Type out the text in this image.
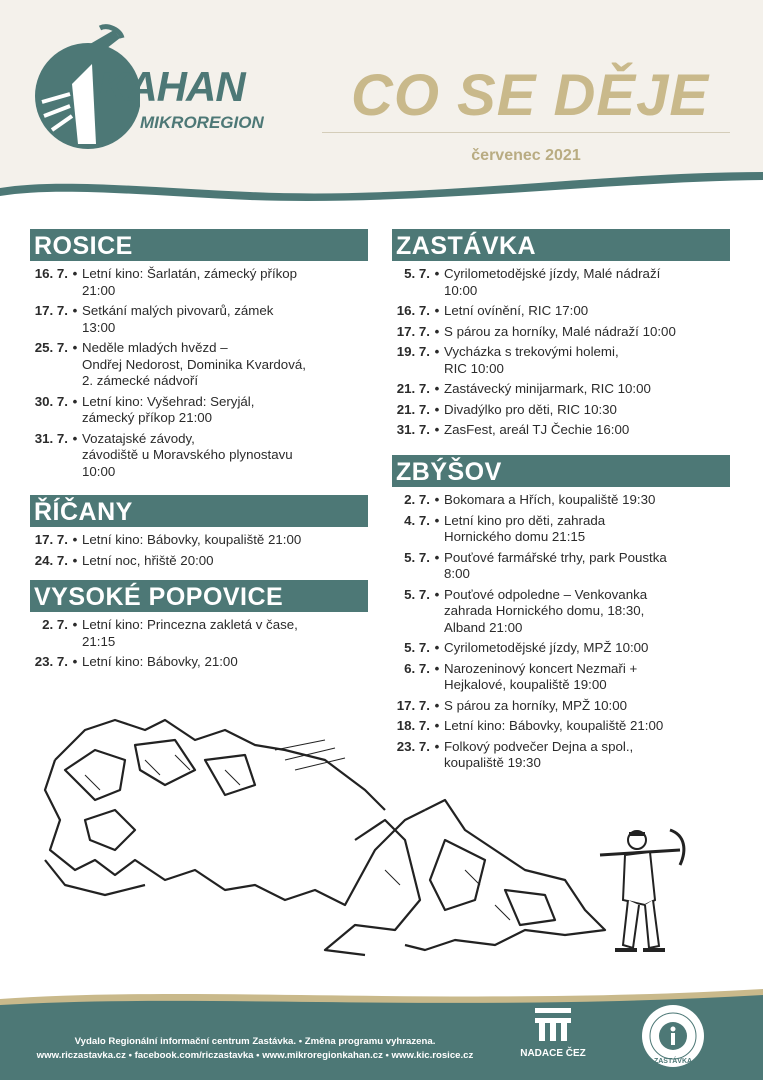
KAHAN
MIKROREGION	CO SE DĚJE
červenec 2021
ROSICE
16. 7. • Letní kino: Šarlatán, zámecký příkop
21:00
17. 7. • Setkání malých pivovarů, zámek
13:00
25. 7. • Neděle mladých hvězd –
Ondřej Nedorost, Dominika Kvardová,
2. zámecké nádvoří
30. 7. • Letní kino: Vyšehrad: Seryjál,
zámecký příkop 21:00
31. 7. • Vozatajské závody,
závodiště u Moravského plynostavu
10:00
ŘÍČANY
17. 7. • Letní kino: Bábovky, koupaliště 21:00
24. 7. • Letní noc, hřiště 20:00
VYSOKÉ POPOVICE
2. 7. • Letní kino: Princezna zakletá v čase,
21:15
23. 7. • Letní kino: Bábovky, 21:00
ZASTÁVKA
5. 7. • Cyrilometodějské jízdy, Malé nádraží
10:00
16. 7. • Letní ovínění, RIC 17:00
17. 7. • S párou za horníky, Malé nádraží 10:00
19. 7. • Vycházka s trekovými holemi,
RIC 10:00
21. 7. • Zastávecký minijarmark, RIC 10:00
21. 7. • Divadýlko pro děti, RIC 10:30
31. 7. • ZasFest, areál TJ Čechie 16:00
ZBÝŠOV
2. 7. • Bokomara a Hřích, koupaliště 19:30
4. 7. • Letní kino pro děti, zahrada
Hornického domu 21:15
5. 7. • Pouťové farmářské trhy, park Poustka
8:00
5. 7. • Pouťové odpoledne – Venkovanka
zahrada Hornického domu, 18:30,
Alband 21:00
5. 7. • Cyrilometodějské jízdy, MPŽ 10:00
6. 7. • Narozeninový koncert Nezmaři +
Hejkalové, koupaliště 19:00
17. 7. • S párou za horníky, MPŽ 10:00
18. 7. • Letní kino: Bábovky, koupaliště 21:00
23. 7. • Folkový podvečer Dejna a spol.,
koupaliště 19:30
Vydalo Regionální informační centrum Zastávka. • Změna programu vyhrazena.
www.riczastavka.cz • facebook.com/riczastavka • www.mikroregionkahan.cz • www.kic.rosice.cz	NADACE ČEZ
ZASTÁVKA
